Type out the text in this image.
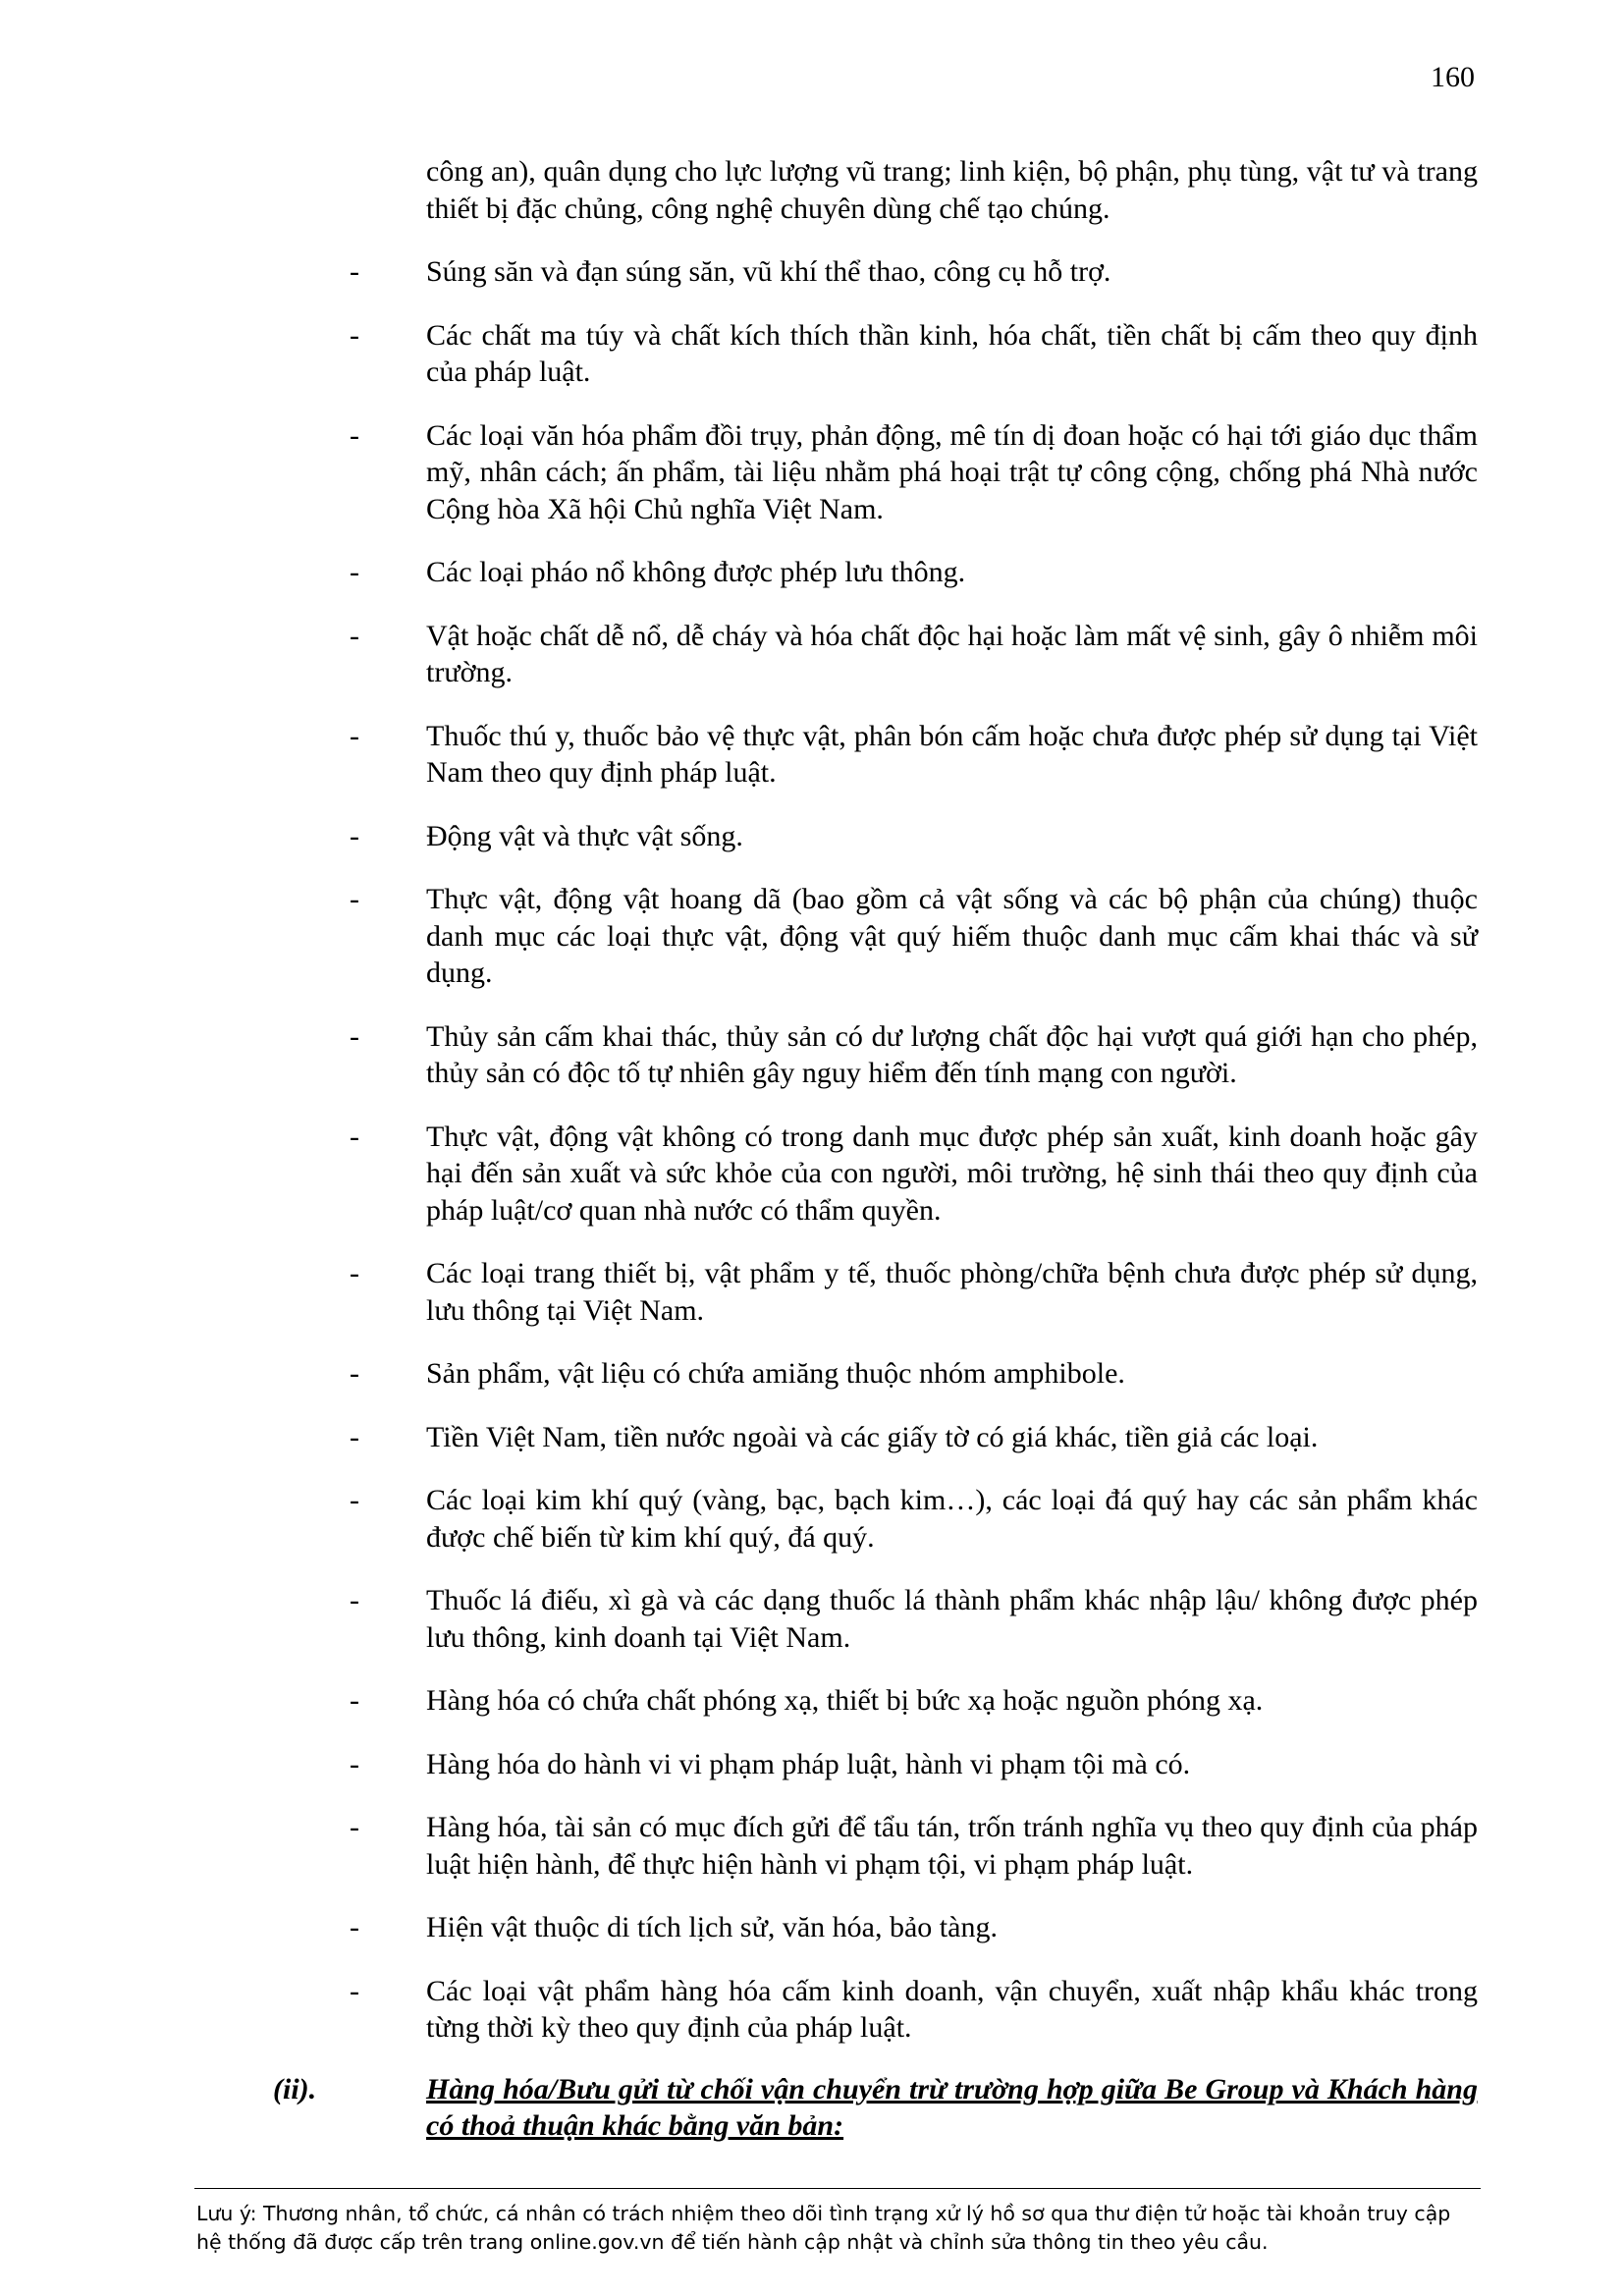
160

công an), quân dụng cho lực lượng vũ trang; linh kiện, bộ phận, phụ tùng, vật tư và trang thiết bị đặc chủng, công nghệ chuyên dùng chế tạo chúng.

- Súng săn và đạn súng săn, vũ khí thể thao, công cụ hỗ trợ.
- Các chất ma túy và chất kích thích thần kinh, hóa chất, tiền chất bị cấm theo quy định của pháp luật.
- Các loại văn hóa phẩm đồi trụy, phản động, mê tín dị đoan hoặc có hại tới giáo dục thẩm mỹ, nhân cách; ấn phẩm, tài liệu nhằm phá hoại trật tự công cộng, chống phá Nhà nước Cộng hòa Xã hội Chủ nghĩa Việt Nam.
- Các loại pháo nổ không được phép lưu thông.
- Vật hoặc chất dễ nổ, dễ cháy và hóa chất độc hại hoặc làm mất vệ sinh, gây ô nhiễm môi trường.
- Thuốc thú y, thuốc bảo vệ thực vật, phân bón cấm hoặc chưa được phép sử dụng tại Việt Nam theo quy định pháp luật.
- Động vật và thực vật sống.
- Thực vật, động vật hoang dã (bao gồm cả vật sống và các bộ phận của chúng) thuộc danh mục các loại thực vật, động vật quý hiếm thuộc danh mục cấm khai thác và sử dụng.
- Thủy sản cấm khai thác, thủy sản có dư lượng chất độc hại vượt quá giới hạn cho phép, thủy sản có độc tố tự nhiên gây nguy hiểm đến tính mạng con người.
- Thực vật, động vật không có trong danh mục được phép sản xuất, kinh doanh hoặc gây hại đến sản xuất và sức khỏe của con người, môi trường, hệ sinh thái theo quy định của pháp luật/cơ quan nhà nước có thẩm quyền.
- Các loại trang thiết bị, vật phẩm y tế, thuốc phòng/chữa bệnh chưa được phép sử dụng, lưu thông tại Việt Nam.
- Sản phẩm, vật liệu có chứa amiăng thuộc nhóm amphibole.
- Tiền Việt Nam, tiền nước ngoài và các giấy tờ có giá khác, tiền giả các loại.
- Các loại kim khí quý (vàng, bạc, bạch kim…), các loại đá quý hay các sản phẩm khác được chế biến từ kim khí quý, đá quý.
- Thuốc lá điếu, xì gà và các dạng thuốc lá thành phẩm khác nhập lậu/ không được phép lưu thông, kinh doanh tại Việt Nam.
- Hàng hóa có chứa chất phóng xạ, thiết bị bức xạ hoặc nguồn phóng xạ.
- Hàng hóa do hành vi vi phạm pháp luật, hành vi phạm tội mà có.
- Hàng hóa, tài sản có mục đích gửi để tẩu tán, trốn tránh nghĩa vụ theo quy định của pháp luật hiện hành, để thực hiện hành vi phạm tội, vi phạm pháp luật.
- Hiện vật thuộc di tích lịch sử, văn hóa, bảo tàng.
- Các loại vật phẩm hàng hóa cấm kinh doanh, vận chuyển, xuất nhập khẩu khác trong từng thời kỳ theo quy định của pháp luật.
(ii).	Hàng hóa/Bưu gửi từ chối vận chuyển trừ trường hợp giữa Be Group và Khách hàng có thoả thuận khác bằng văn bản:
Lưu ý: Thương nhân, tổ chức, cá nhân có trách nhiệm theo dõi tình trạng xử lý hồ sơ qua thư điện tử hoặc tài khoản truy cập hệ thống đã được cấp trên trang online.gov.vn để tiến hành cập nhật và chỉnh sửa thông tin theo yêu cầu.
